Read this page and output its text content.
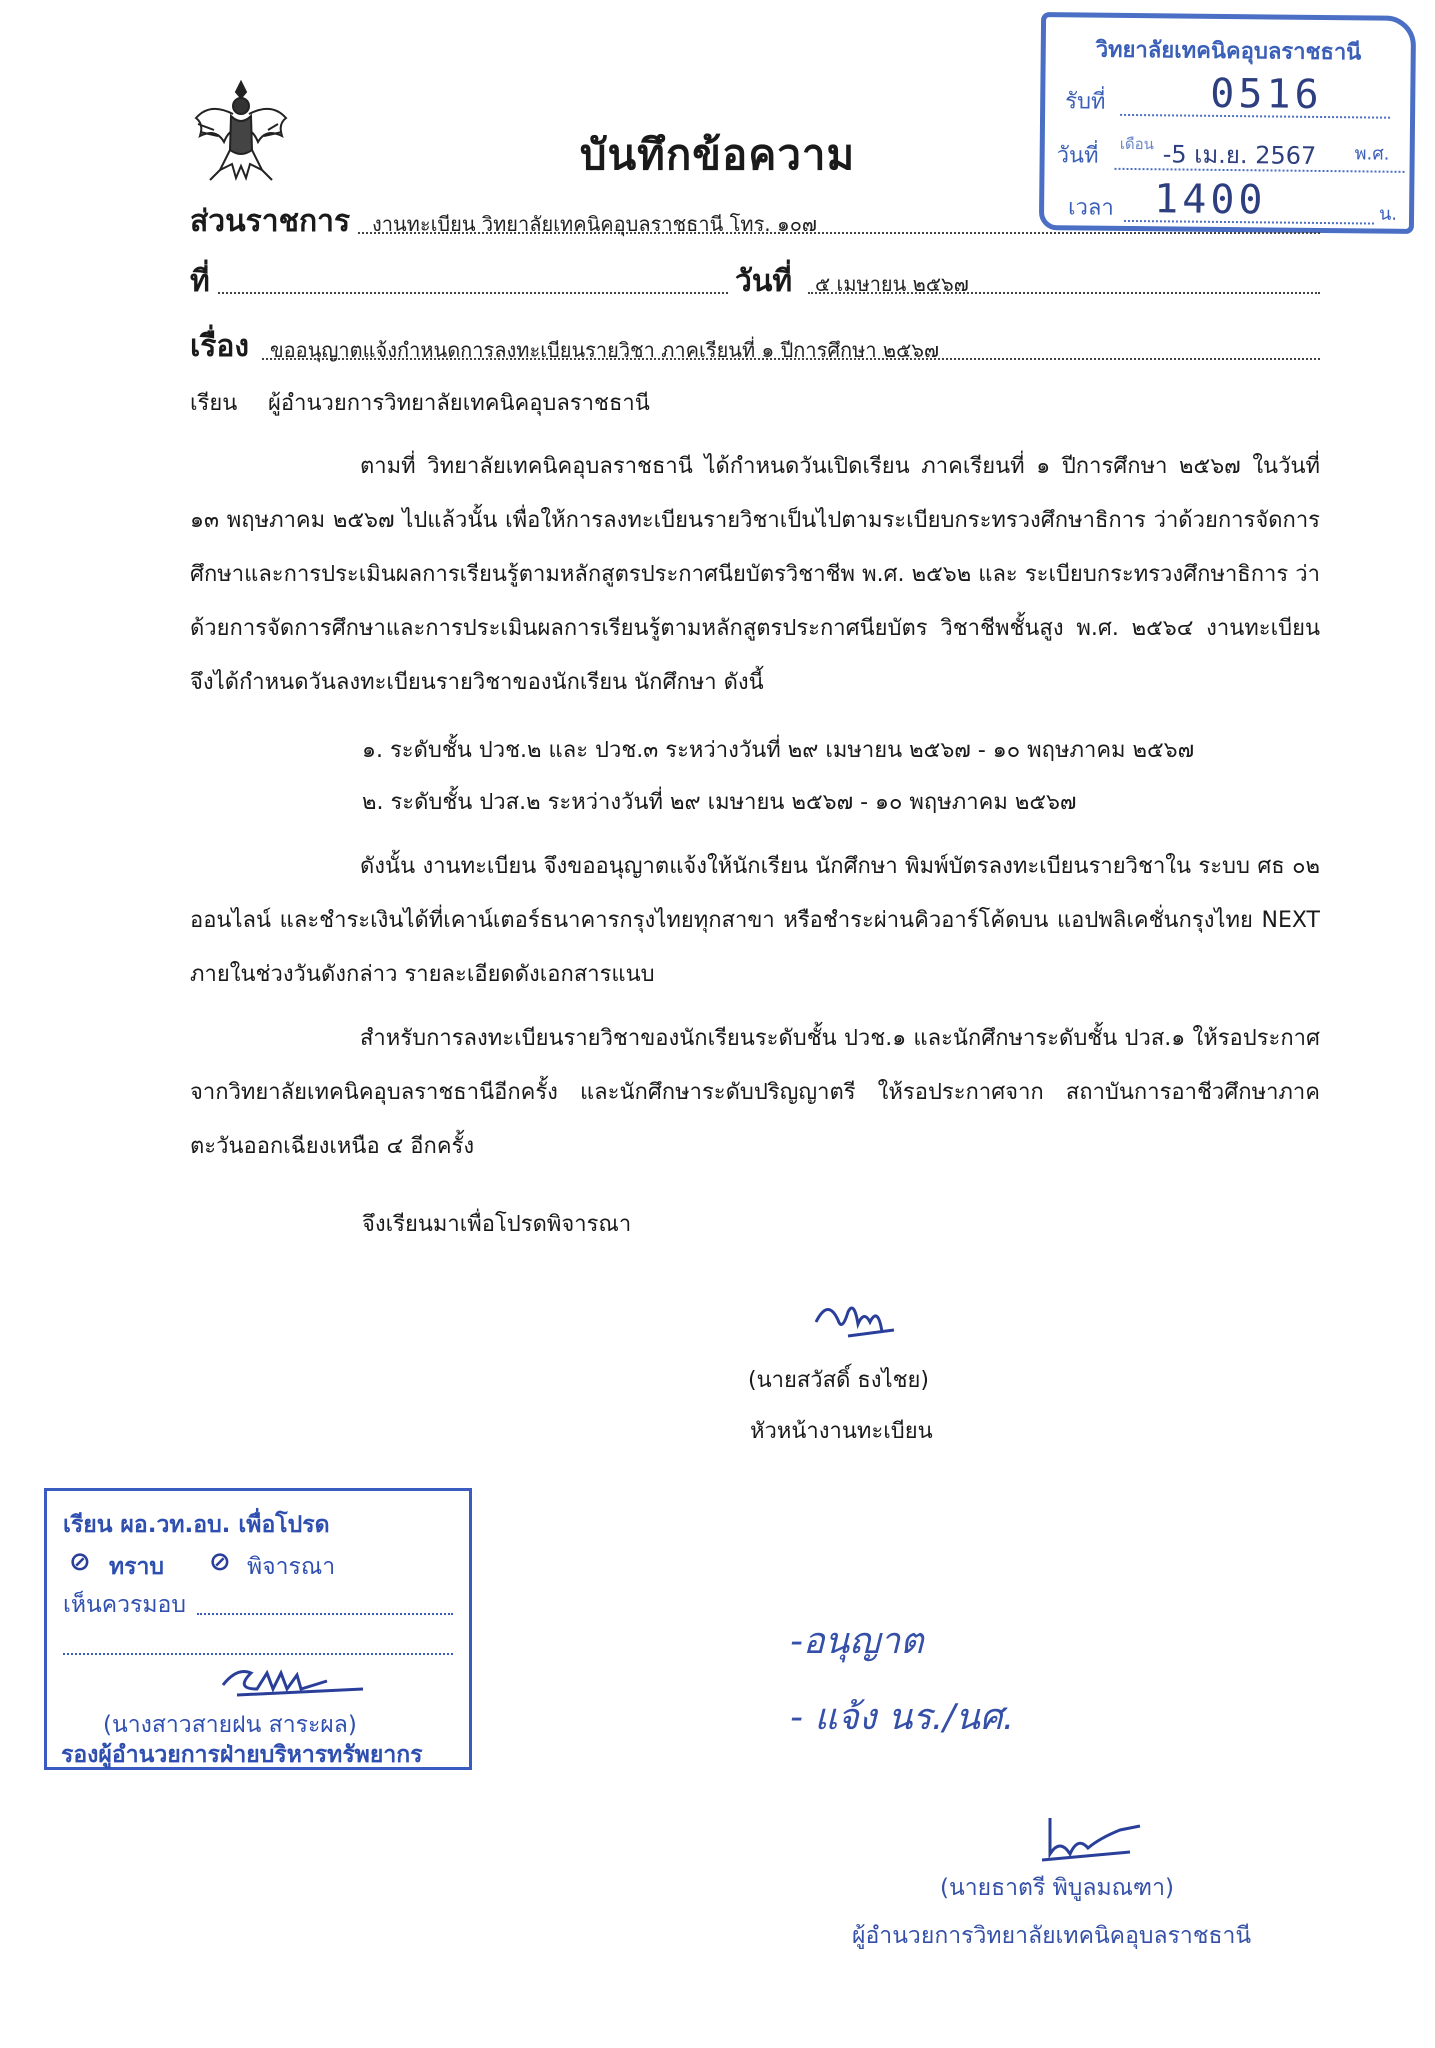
บันทึกข้อความ
วิทยาลัยเทคนิคอุบลราชธานี
รับที่	0516
วันที่ เดือน -5 เม.ย. 2567 พ.ศ.
เวลา 1400	น.
ส่วนราชการ งานทะเบียน วิทยาลัยเทคนิคอุบลราชธานี โทร. ๑๐๗
ที่	วันที่ ๕ เมษายน ๒๕๖๗
เรื่อง ขออนุญาตแจ้งกำหนดการลงทะเบียนรายวิชา ภาคเรียนที่ ๑ ปีการศึกษา ๒๕๖๗
เรียน ผู้อำนวยการวิทยาลัยเทคนิคอุบลราชธานี
ตามที่ วิทยาลัยเทคนิคอุบลราชธานี ได้กำหนดวันเปิดเรียน ภาคเรียนที่ ๑ ปีการศึกษา ๒๕๖๗ ในวันที่ ๑๓ พฤษภาคม ๒๕๖๗ ไปแล้วนั้น เพื่อให้การลงทะเบียนรายวิชาเป็นไปตามระเบียบกระทรวงศึกษาธิการ ว่าด้วยการจัดการศึกษาและการประเมินผลการเรียนรู้ตามหลักสูตรประกาศนียบัตรวิชาชีพ พ.ศ. ๒๕๖๒ และ ระเบียบกระทรวงศึกษาธิการ ว่าด้วยการจัดการศึกษาและการประเมินผลการเรียนรู้ตามหลักสูตรประกาศนียบัตร วิชาชีพชั้นสูง พ.ศ. ๒๕๖๔ งานทะเบียน จึงได้กำหนดวันลงทะเบียนรายวิชาของนักเรียน นักศึกษา ดังนี้
๑. ระดับชั้น ปวช.๒ และ ปวช.๓ ระหว่างวันที่ ๒๙ เมษายน ๒๕๖๗ - ๑๐ พฤษภาคม ๒๕๖๗
๒. ระดับชั้น ปวส.๒ ระหว่างวันที่ ๒๙ เมษายน ๒๕๖๗ - ๑๐ พฤษภาคม ๒๕๖๗
ดังนั้น งานทะเบียน จึงขออนุญาตแจ้งให้นักเรียน นักศึกษา พิมพ์บัตรลงทะเบียนรายวิชาใน ระบบ ศธ ๐๒ ออนไลน์ และชำระเงินได้ที่เคาน์เตอร์ธนาคารกรุงไทยทุกสาขา หรือชำระผ่านคิวอาร์โค้ดบน แอปพลิเคชั่นกรุงไทย NEXT ภายในช่วงวันดังกล่าว รายละเอียดดังเอกสารแนบ
สำหรับการลงทะเบียนรายวิชาของนักเรียนระดับชั้น ปวช.๑ และนักศึกษาระดับชั้น ปวส.๑ ให้รอประกาศจากวิทยาลัยเทคนิคอุบลราชธานีอีกครั้ง และนักศึกษาระดับปริญญาตรี ให้รอประกาศจาก สถาบันการอาชีวศึกษาภาคตะวันออกเฉียงเหนือ ๔ อีกครั้ง
จึงเรียนมาเพื่อโปรดพิจารณา
(นายสวัสดิ์ ธงไชย)
หัวหน้างานทะเบียน
เรียน ผอ.วท.อบ. เพื่อโปรด
⊘ ทราบ ⊘ พิจารณา
เห็นควรมอบ
(นางสาวสายฝน สาระผล)
รองผู้อำนวยการฝ่ายบริหารทรัพยากร
-อนุญาต
- แจ้ง นร./นศ.
(นายธาตรี พิบูลมณฑา)
ผู้อำนวยการวิทยาลัยเทคนิคอุบลราชธานี
